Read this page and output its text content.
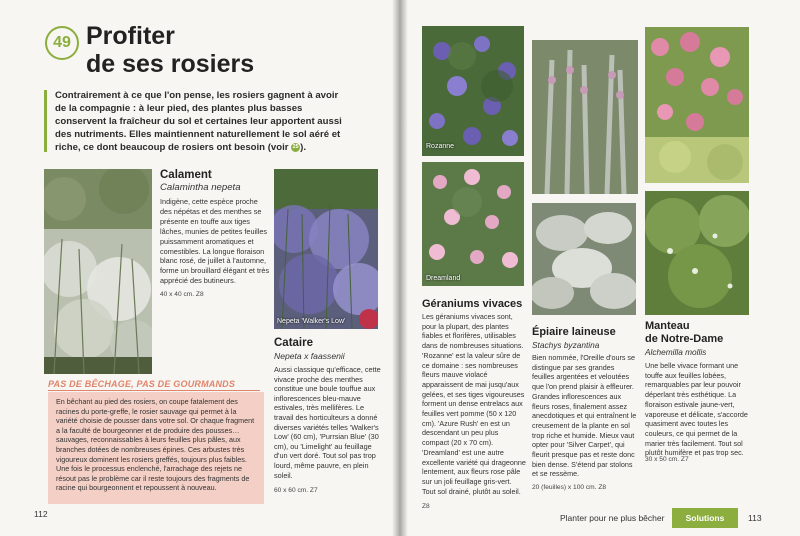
49 Profiter
de ses rosiers
Contrairement à ce que l'on pense, les rosiers gagnent à avoir de la compagnie : à leur pied, des plantes plus basses conservent la fraîcheur du sol et certaines leur apportent aussi des nutriments. Elles maintiennent naturellement le sol aéré et riche, ce dont beaucoup de rosiers ont besoin (voir 25).
Calament
Calamintha nepeta
Indigène, cette espèce proche des népétas et des menthes se présente en touffe aux tiges lâches, munies de petites feuilles puissamment aromatiques et comestibles. La longue floraison blanc rosé, de juillet à l'automne, forme un brouillard élégant et très apprécié des butineurs.
40 x 40 cm. Z8
Nepeta 'Walker's Low'
Cataire
Nepeta x faassenii
Aussi classique qu'efficace, cette vivace proche des menthes constitue une boule touffue aux inflorescences bleu-mauve estivales, très mellifères. Le travail des horticulteurs a donné diverses variétés telles 'Walker's Low' (60 cm), 'Purrsian Blue' (30 cm), ou 'Limelight' au feuillage d'un vert doré. Tout sol pas trop lourd, même pauvre, en plein soleil.
60 x 60 cm. Z7
PAS DE BÊCHAGE, PAS DE GOURMANDS
En bêchant au pied des rosiers, on coupe fatalement des racines du porte-greffe, le rosier sauvage qui permet à la variété choisie de pousser dans votre sol. Or chaque fragment a la faculté de bourgeonner et de produire des pousses… sauvages, reconnaissables à leurs feuilles plus pâles, aux branches dotées de nombreuses épines. Ces arbustes très vigoureux dominent les rosiers greffés, toujours plus faibles. Une fois le processus enclenché, l'arrachage des rejets ne résout pas le problème car il reste toujours des fragments de racine qui bourgeonnent et repoussent à nouveau.
112
Rozanne
Dreamland
Géraniums vivaces
Les géraniums vivaces sont, pour la plupart, des plantes fiables et florifères, utilisables dans de nombreuses situations. 'Rozanne' est la valeur sûre de ce domaine : ses nombreuses fleurs mauve violacé apparaissent de mai jusqu'aux gelées, et ses tiges vigoureuses forment un dense entrelacs aux feuilles vert pomme (50 x 120 cm). 'Azure Rush' en est un descendant un peu plus compact (20 x 70 cm). 'Dreamland' est une autre excellente variété qui drageonne lentement, aux fleurs rose pâle sur un joli feuillage gris-vert. Tout sol drainé, plutôt au soleil.
Z8
Épiaire laineuse
Stachys byzantina
Bien nommée, l'Oreille d'ours se distingue par ses grandes feuilles argentées et veloutées que l'on prend plaisir à effleurer. Grandes inflorescences aux fleurs roses, finalement assez anecdotiques et qui entraînent le creusement de la plante en sol trop riche et humide. Mieux vaut opter pour 'Silver Carpet', qui fleurit presque pas et reste donc bien dense. S'étend par stolons et se ressème.
20 (feuilles) x 100 cm. Z8
Manteau
de Notre-Dame
Alchemilla mollis
Une belle vivace formant une touffe aux feuilles lobées, remarquables par leur pouvoir déperlant très esthétique. La floraison estivale jaune-vert, vaporeuse et délicate, s'accorde quasiment avec toutes les couleurs, ce qui permet de la marier très facilement. Tout sol plutôt humifère et pas trop sec.
30 x 50 cm. Z7
Planter pour ne plus bêcher	Solutions	113
